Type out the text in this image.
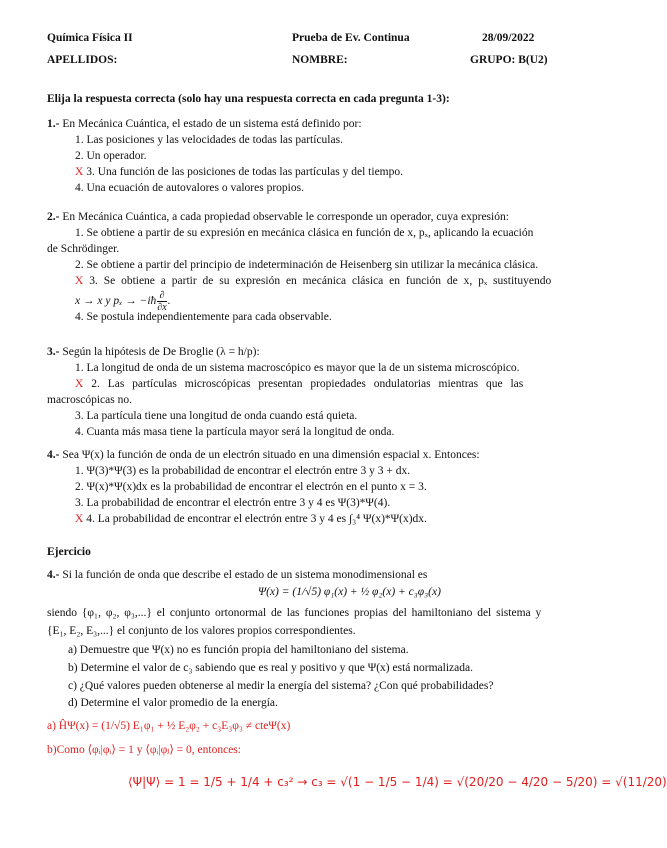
Química Física II	Prueba de Ev. Continua	28/09/2022
APELLIDOS:	NOMBRE:	GRUPO: B(U2)
Elija la respuesta correcta (solo hay una respuesta correcta en cada pregunta 1-3):
1.- En Mecánica Cuántica, el estado de un sistema está definido por:
1. Las posiciones y las velocidades de todas las partículas.
2. Un operador.
X 3. Una función de las posiciones de todas las partículas y del tiempo.
4. Una ecuación de autovalores o valores propios.
2.- En Mecánica Cuántica, a cada propiedad observable le corresponde un operador, cuya expresión:
1. Se obtiene a partir de su expresión en mecánica clásica en función de x, pₓ, aplicando la ecuación
de Schrödinger.
2. Se obtiene a partir del principio de indeterminación de Heisenberg sin utilizar la mecánica clásica.
X 3. Se obtiene a partir de su expresión en mecánica clásica en función de x, pₓ sustituyendo
x → x y pₓ → −iħ $\frac{\partial}{\partial x}$ .
4. Se postula independientemente para cada observable.
3.- Según la hipótesis de De Broglie (λ = h/p):
1. La longitud de onda de un sistema macroscópico es mayor que la de un sistema microscópico.
X 2. Las partículas microscópicas presentan propiedades ondulatorias mientras que las
macroscópicas no.
3. La partícula tiene una longitud de onda cuando está quieta.
4. Cuanta más masa tiene la partícula mayor será la longitud de onda.
4.- Sea Ψ(x) la función de onda de un electrón situado en una dimensión espacial x. Entonces:
1. Ψ(3)*Ψ(3) es la probabilidad de encontrar el electrón entre 3 y 3 + dx.
2. Ψ(x)*Ψ(x)dx es la probabilidad de encontrar el electrón en el punto x = 3.
3. La probabilidad de encontrar el electrón entre 3 y 4 es Ψ(3)*Ψ(4).
X 4. La probabilidad de encontrar el electrón entre 3 y 4 es ∫₃⁴ Ψ(x)*Ψ(x)dx.
Ejercicio
4.- Si la función de onda que describe el estado de un sistema monodimensional es
Ψ(x) = (1/√5) φ₁(x) + ½ φ₂(x) + c₃φ₃(x)
siendo {φ₁, φ₂, φ₃,...} el conjunto ortonormal de las funciones propias del hamiltoniano del sistema y
{E₁, E₂, E₃,...} el conjunto de los valores propios correspondientes.
a) Demuestre que Ψ(x) no es función propia del hamiltoniano del sistema.
b) Determine el valor de c₃ sabiendo que es real y positivo y que Ψ(x) está normalizada.
c) ¿Qué valores pueden obtenerse al medir la energía del sistema? ¿Con qué probabilidades?
d) Determine el valor promedio de la energía.
a) ĤΨ(x) = (1/√5) E₁φ₁ + ½ E₂φ₂ + c₃E₃φ₃ ≠ cteΨ(x)
b)Como ⟨φᵢ|φᵢ⟩ = 1 y ⟨φᵢ|φⱼ⟩ = 0, entonces:
⟨Ψ|Ψ⟩ = 1 = 1/5 + 1/4 + c₃² → c₃ = √(1 − 1/5 − 1/4) = √(20/20 − 4/20 − 5/20) = √(11/20)
